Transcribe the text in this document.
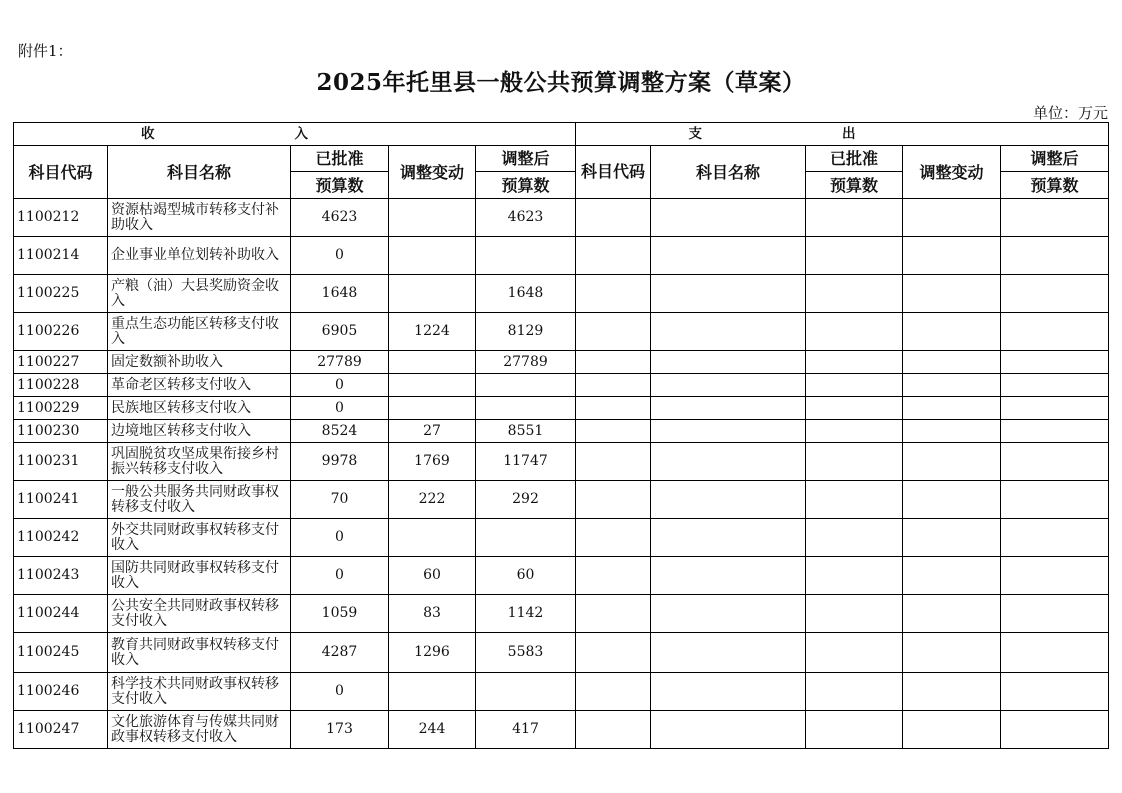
附件1：
2025年托里县一般公共预算调整方案（草案）
单位：万元
收入					支出				
科目代码	科目名称	已批准	调整变动	调整后	科目代码	科目名称	已批准	调整变动	调整后
		预算数		预算数			预算数		预算数
1100212	资源枯竭型城市转移支付补助收入	4623		4623					
1100214	企业事业单位划转补助收入	0							
1100225	产粮（油）大县奖励资金收入	1648		1648					
1100226	重点生态功能区转移支付收入	6905	1224	8129					
1100227	固定数额补助收入	27789		27789					
1100228	革命老区转移支付收入	0							
1100229	民族地区转移支付收入	0							
1100230	边境地区转移支付收入	8524	27	8551					
1100231	巩固脱贫攻坚成果衔接乡村振兴转移支付收入	9978	1769	11747					
1100241	一般公共服务共同财政事权转移支付收入	70	222	292					
1100242	外交共同财政事权转移支付收入	0							
1100243	国防共同财政事权转移支付收入	0	60	60					
1100244	公共安全共同财政事权转移支付收入	1059	83	1142					
1100245	教育共同财政事权转移支付收入	4287	1296	5583					
1100246	科学技术共同财政事权转移支付收入	0							
1100247	文化旅游体育与传媒共同财政事权转移支付收入	173	244	417					
